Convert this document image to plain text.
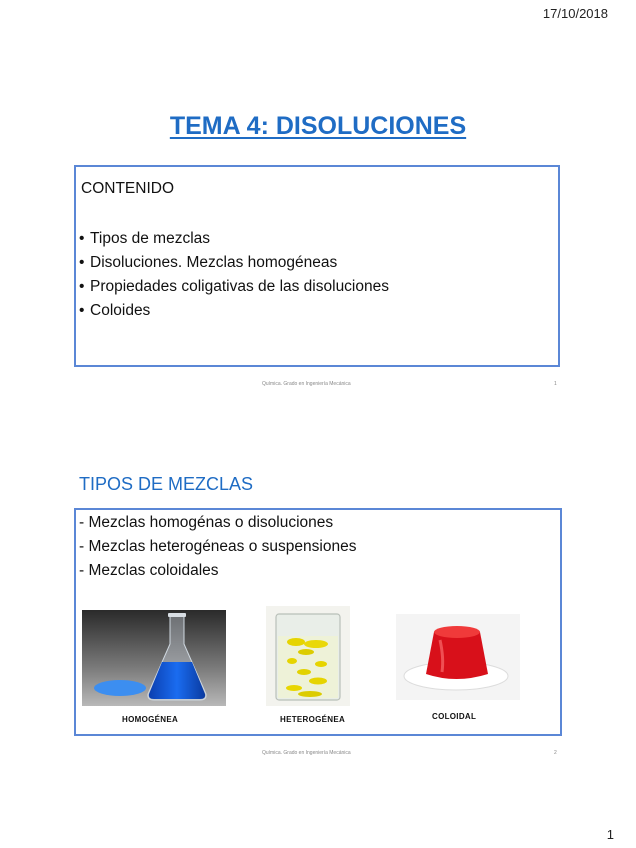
17/10/2018
TEMA 4: DISOLUCIONES
CONTENIDO
• Tipos de mezclas
• Disoluciones. Mezclas homogéneas
• Propiedades coligativas de las disoluciones
• Coloides
Química. Grado en Ingeniería Mecánica	1
TIPOS DE MEZCLAS
- Mezclas homogénas o disoluciones
- Mezclas heterogéneas o suspensiones
- Mezclas coloidales
HOMOGÉNEA	HETEROGÉNEA	COLOIDAL
Química. Grado en Ingeniería Mecánica	2
1
